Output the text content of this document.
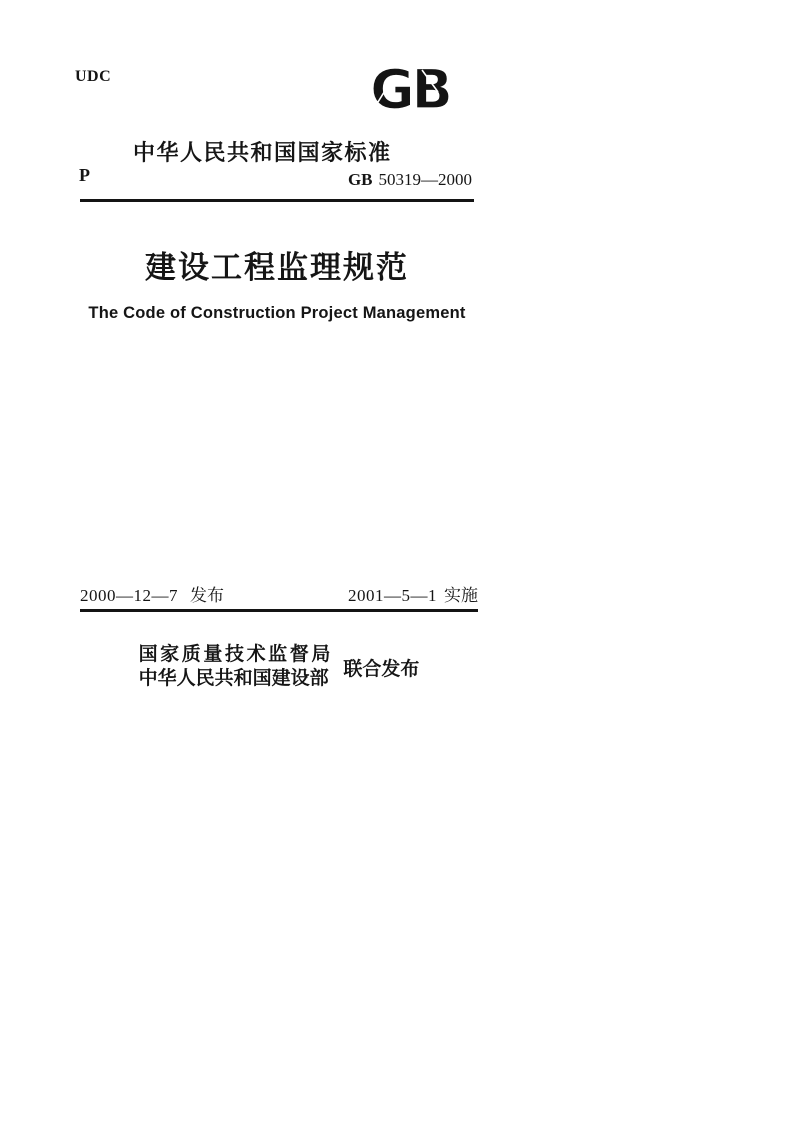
UDC	GB
中华人民共和国国家标准
P	GB 50319—2000
建设工程监理规范
The Code of Construction Project Management
2000—12—7 发布	2001—5—1 实施
国家质量技术监督局
中华人民共和国建设部 联合发布
